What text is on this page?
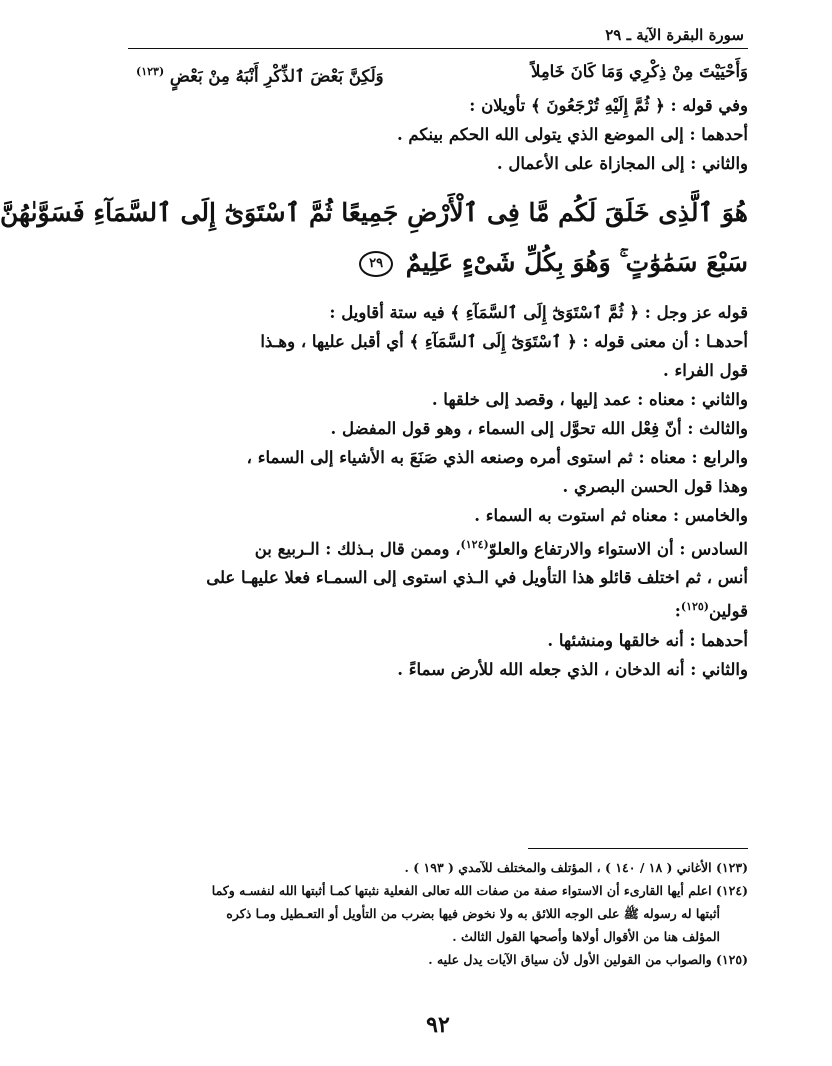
سورة البقرة الآية ـ ٢٩
وَأَحْيَيْتَ مِنْ ذِكْرِي وَمَا كَانَ خَامِلاً
وَلَكِنَّ بَعْضَ ٱلذِّكْرِ أَنْبَهُ مِنْ بَعْضٍ $^{(١٢٣)}$
وفي قوله : ﴿ ثُمَّ إِلَيْهِ تُرْجَعُونَ ﴾ تأويلان :
أحدهما : إلى الموضع الذي يتولى الله الحكم بينكم .
والثاني : إلى المجازاة على الأعمال .
هُوَ ٱلَّذِى خَلَقَ لَكُم مَّا فِى ٱلْأَرْضِ جَمِيعًا ثُمَّ ٱسْتَوَىٰٓ إِلَى ٱلسَّمَآءِ فَسَوَّىٰهُنَّ
سَبْعَ سَمَٰوَٰتٍ ۚ وَهُوَ بِكُلِّ شَىْءٍ عَلِيمٌ ٢٩
قوله عز وجل : ﴿ ثُمَّ ٱسْتَوَىٰٓ إِلَى ٱلسَّمَآءِ ﴾ فيه ستة أقاويل :
أحدهـا : أن معنى قوله : ﴿ ٱسْتَوَىٰٓ إِلَى ٱلسَّمَآءِ ﴾ أي أقبل عليها ، وهـذا
قول الفراء .
والثاني : معناه : عمد إليها ، وقصد إلى خلقها .
والثالث : أنّ فِعْل الله تحوَّل إلى السماء ، وهو قول المفضل .
والرابع : معناه : ثم استوى أمره وصنعه الذي صَنَعَ به الأشياء إلى السماء ،
وهذا قول الحسن البصري .
والخامس : معناه ثم استوت به السماء .
السادس : أن الاستواء والارتفاع والعلوّ$^{(١٢٤)}$، وممن قال بـذلك : الـربيع بن
أنس ، ثم اختلف قائلو هذا التأويل في الـذي استوى إلى السمـاء فعلا عليهـا على
قولين$^{(١٢٥)}$:
أحدهما : أنه خالقها ومنشئها .
والثاني : أنه الدخان ، الذي جعله الله للأرض سماءً .
(١٢٣) الأغاني ( ١٨ / ١٤٠ ) ، المؤتلف والمختلف للآمدي ( ١٩٣ ) .
(١٢٤) اعلم أيها القارىء أن الاستواء صفة من صفات الله تعالى الفعلية نثبتها كمـا أثبتها الله لنفسـه وكما
أثبتها له رسوله ﷺ على الوجه اللائق به ولا نخوض فيها بضرب من التأويل أو التعـطيل ومـا ذكره
المؤلف هنا من الأقوال أولاها وأصحها القول الثالث .
(١٢٥) والصواب من القولين الأول لأن سياق الآيات يدل عليه .
٩٢
